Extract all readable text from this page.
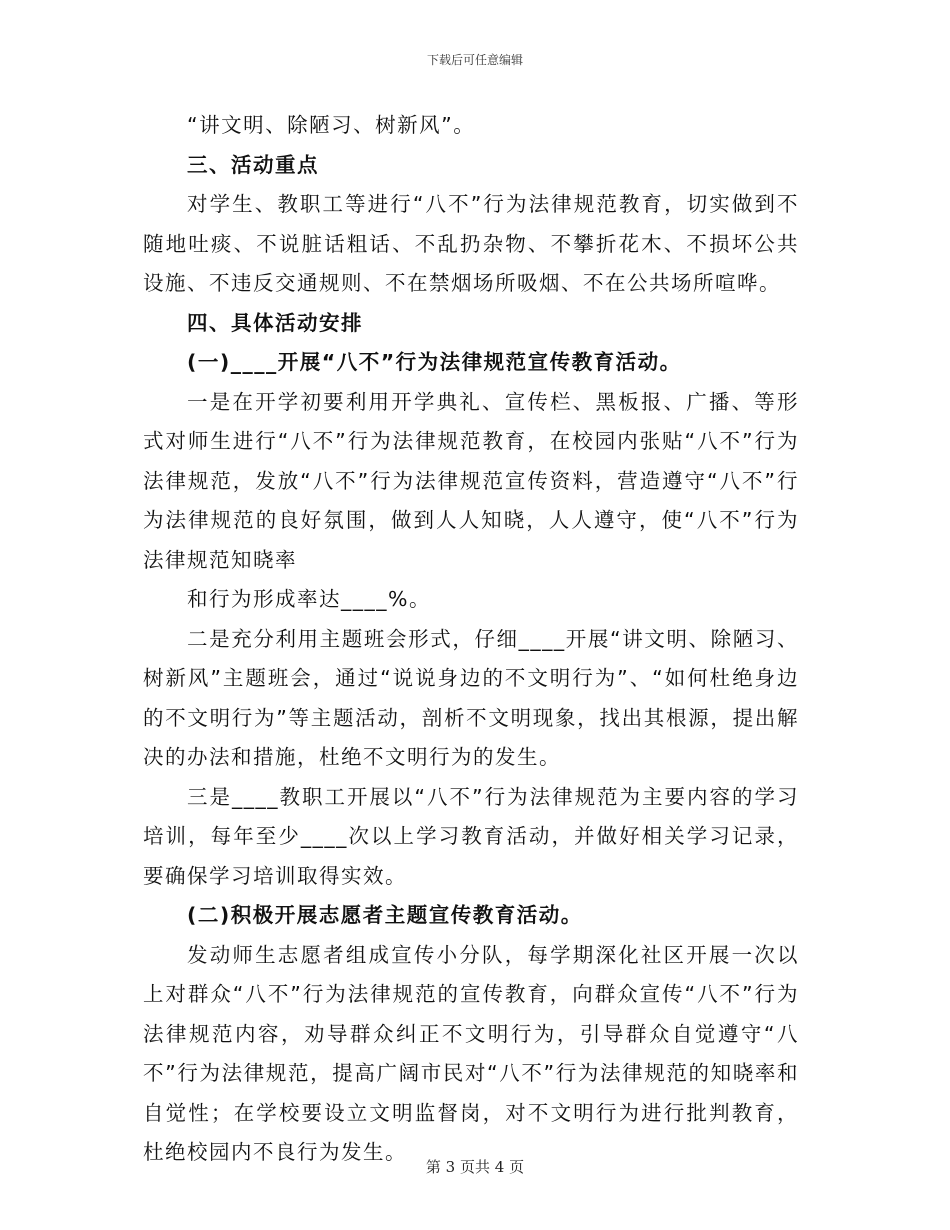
下载后可任意编辑

“讲文明、除陋习、树新风”。

三、活动重点

对学生、教职工等进行“八不”行为法律规范教育，切实做到不随地吐痰、不说脏话粗话、不乱扔杂物、不攀折花木、不损坏公共设施、不违反交通规则、不在禁烟场所吸烟、不在公共场所喧哗。

四、具体活动安排

(一)____开展“八不”行为法律规范宣传教育活动。

一是在开学初要利用开学典礼、宣传栏、黑板报、广播、等形式对师生进行“八不”行为法律规范教育，在校园内张贴“八不”行为法律规范，发放“八不”行为法律规范宣传资料，营造遵守“八不”行为法律规范的良好氛围，做到人人知晓，人人遵守，使“八不”行为法律规范知晓率

和行为形成率达____%。

二是充分利用主题班会形式，仔细____开展“讲文明、除陋习、树新风”主题班会，通过“说说身边的不文明行为”、“如何杜绝身边的不文明行为”等主题活动，剖析不文明现象，找出其根源，提出解决的办法和措施，杜绝不文明行为的发生。

三是____教职工开展以“八不”行为法律规范为主要内容的学习培训，每年至少____次以上学习教育活动，并做好相关学习记录，要确保学习培训取得实效。

(二)积极开展志愿者主题宣传教育活动。

发动师生志愿者组成宣传小分队，每学期深化社区开展一次以上对群众“八不”行为法律规范的宣传教育，向群众宣传“八不”行为法律规范内容，劝导群众纠正不文明行为，引导群众自觉遵守“八不”行为法律规范，提高广阔市民对“八不”行为法律规范的知晓率和自觉性；在学校要设立文明监督岗，对不文明行为进行批判教育，杜绝校园内不良行为发生。

第 3 页共 4 页
